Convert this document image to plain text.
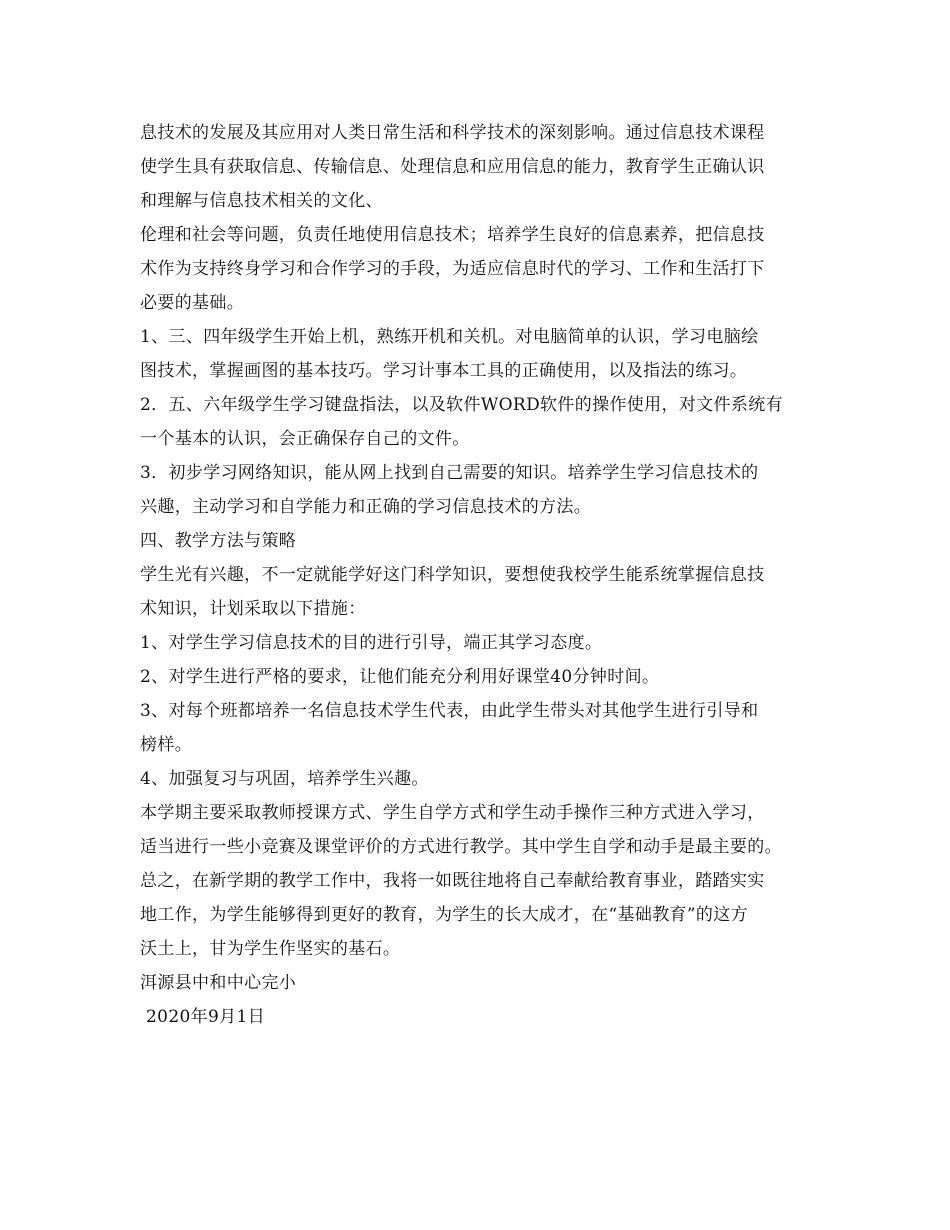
息技术的发展及其应用对人类日常生活和科学技术的深刻影响。通过信息技术课程
使学生具有获取信息、传输信息、处理信息和应用信息的能力，教育学生正确认识
和理解与信息技术相关的文化、
伦理和社会等问题，负责任地使用信息技术；培养学生良好的信息素养，把信息技
术作为支持终身学习和合作学习的手段，为适应信息时代的学习、工作和生活打下
必要的基础。
1、三、四年级学生开始上机，熟练开机和关机。对电脑简单的认识，学习电脑绘
图技术，掌握画图的基本技巧。学习计事本工具的正确使用，以及指法的练习。
2．五、六年级学生学习键盘指法，以及软件WORD软件的操作使用，对文件系统有
一个基本的认识，会正确保存自己的文件。
3．初步学习网络知识，能从网上找到自己需要的知识。培养学生学习信息技术的
兴趣，主动学习和自学能力和正确的学习信息技术的方法。
四、教学方法与策略
学生光有兴趣，不一定就能学好这门科学知识，要想使我校学生能系统掌握信息技
术知识，计划采取以下措施：
1、对学生学习信息技术的目的进行引导，端正其学习态度。
2、对学生进行严格的要求，让他们能充分利用好课堂40分钟时间。
3、对每个班都培养一名信息技术学生代表，由此学生带头对其他学生进行引导和
榜样。
4、加强复习与巩固，培养学生兴趣。
本学期主要采取教师授课方式、学生自学方式和学生动手操作三种方式进入学习，
适当进行一些小竞赛及课堂评价的方式进行教学。其中学生自学和动手是最主要的。
总之，在新学期的教学工作中，我将一如既往地将自己奉献给教育事业，踏踏实实
地工作，为学生能够得到更好的教育，为学生的长大成才，在“基础教育”的这方
沃土上，甘为学生作坚实的基石。
洱源县中和中心完小
2020年9月1日
